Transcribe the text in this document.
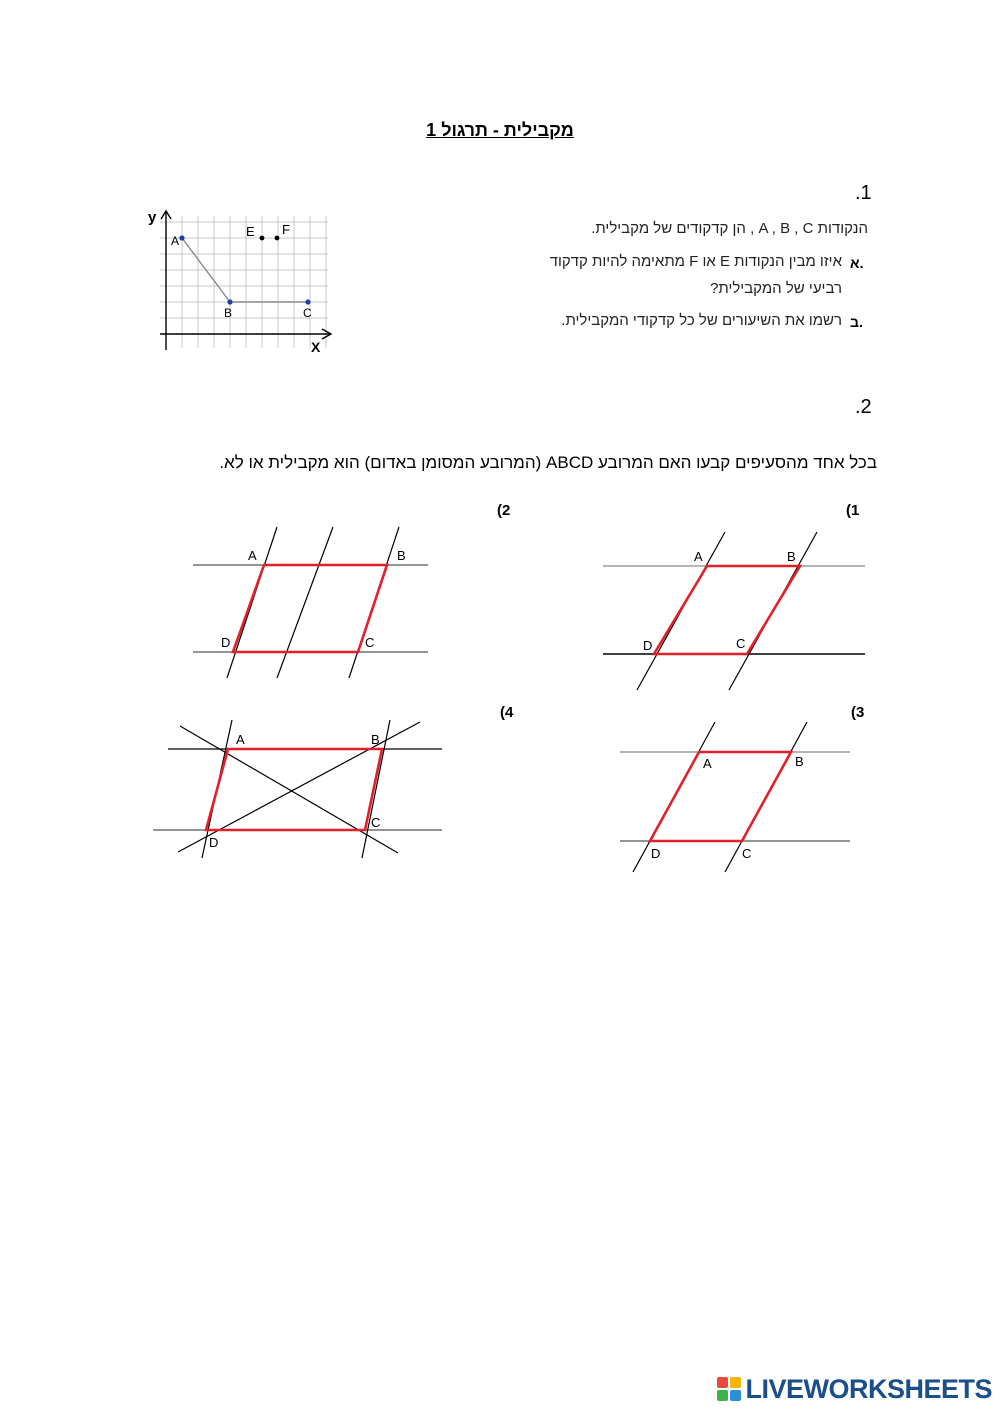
מקבילית - תרגול 1
.1
הנקודות A , B , C , הן קדקודים של מקבילית.
א.
איזו מבין הנקודות E או F מתאימה להיות קדקוד
רביעי של המקבילית?
ב.
רשמו את השיעורים של כל קדקודי המקבילית.
y
X
A
B	C
E F
.2
בכל אחד מהסעיפים קבעו האם המרובע ABCD (המרובע המסומן באדום) הוא מקבילית או לא.
(1
A	B
C
D
(2
A	B
C
D
(3
A	B
C
D
(4
A	B
C
D
LIVEWORKSHEETS
